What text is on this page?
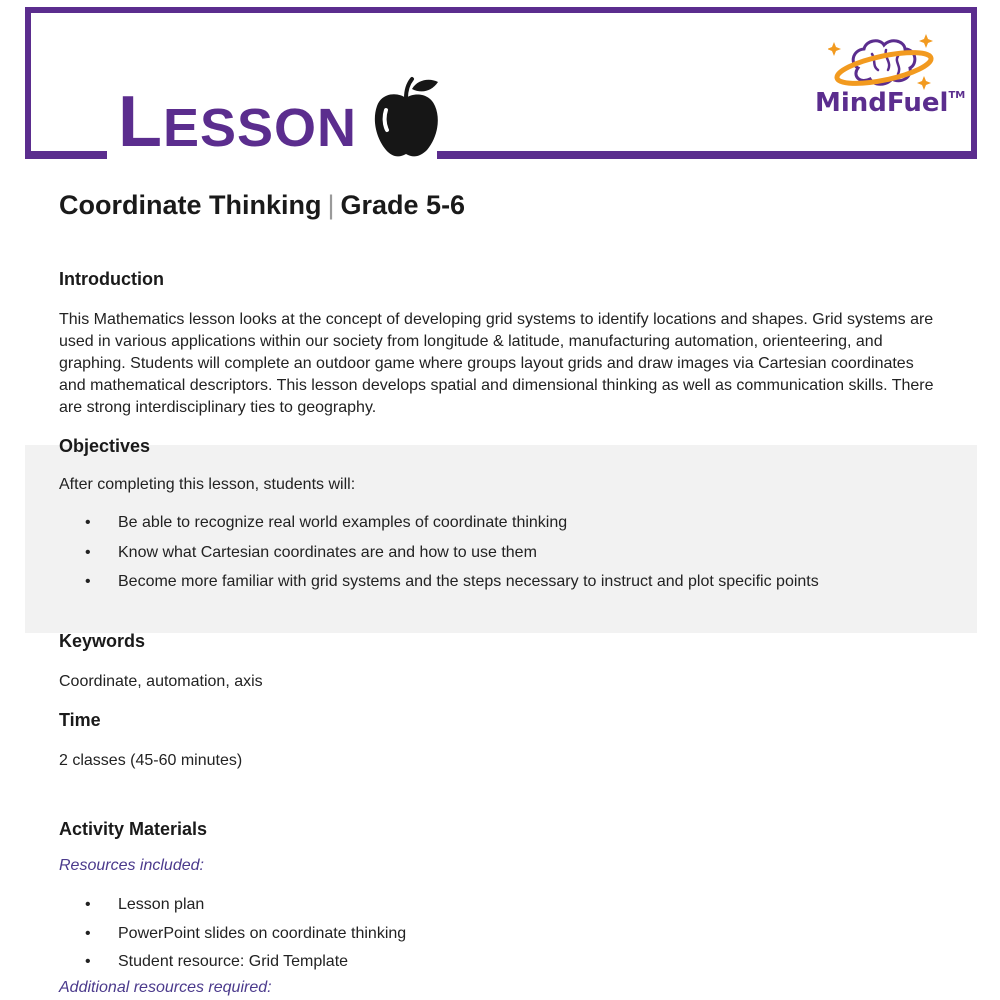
LESSON	MindFuel™
Coordinate Thinking | Grade 5-6
Introduction
This Mathematics lesson looks at the concept of developing grid systems to identify locations and shapes. Grid systems are used in various applications within our society from longitude & latitude, manufacturing automation, orienteering, and graphing. Students will complete an outdoor game where groups layout grids and draw images via Cartesian coordinates and mathematical descriptors. This lesson develops spatial and dimensional thinking as well as communication skills. There are strong interdisciplinary ties to geography.
Objectives
After completing this lesson, students will:
• Be able to recognize real world examples of coordinate thinking
• Know what Cartesian coordinates are and how to use them
• Become more familiar with grid systems and the steps necessary to instruct and plot specific points
Keywords
Coordinate, automation, axis
Time
2 classes (45-60 minutes)
Activity Materials
Resources included:
• Lesson plan
• PowerPoint slides on coordinate thinking
• Student resource: Grid Template
Additional resources required:
